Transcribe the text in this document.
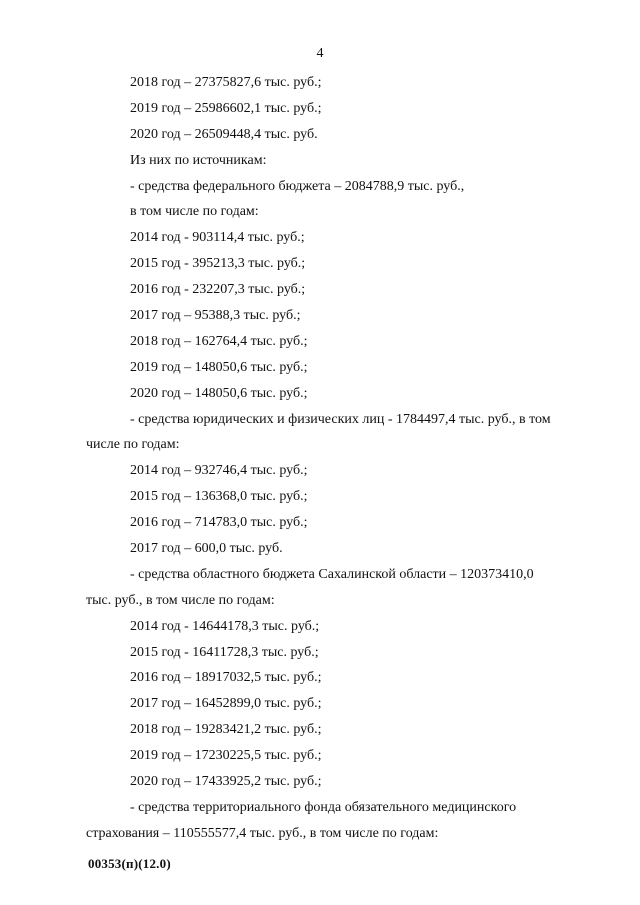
4
2018 год – 27375827,6 тыс. руб.;
2019 год – 25986602,1 тыс. руб.;
2020 год – 26509448,4 тыс. руб.
Из них по источникам:
- средства федерального бюджета – 2084788,9 тыс. руб.,
в том числе по годам:
2014 год - 903114,4 тыс. руб.;
2015 год - 395213,3 тыс. руб.;
2016 год - 232207,3 тыс. руб.;
2017 год – 95388,3 тыс. руб.;
2018 год – 162764,4 тыс. руб.;
2019 год – 148050,6 тыс. руб.;
2020 год – 148050,6 тыс. руб.;
- средства юридических и физических лиц - 1784497,4 тыс. руб., в том
числе по годам:
2014 год – 932746,4 тыс. руб.;
2015 год – 136368,0 тыс. руб.;
2016 год – 714783,0 тыс. руб.;
2017 год – 600,0 тыс. руб.
- средства областного бюджета Сахалинской области – 120373410,0
тыс. руб., в том числе по годам:
2014 год - 14644178,3 тыс. руб.;
2015 год - 16411728,3 тыс. руб.;
2016 год – 18917032,5 тыс. руб.;
2017 год – 16452899,0 тыс. руб.;
2018 год – 19283421,2 тыс. руб.;
2019 год – 17230225,5 тыс. руб.;
2020 год – 17433925,2 тыс. руб.;
- средства территориального фонда обязательного медицинского
страхования – 110555577,4 тыс. руб., в том числе по годам:
00353(п)(12.0)
